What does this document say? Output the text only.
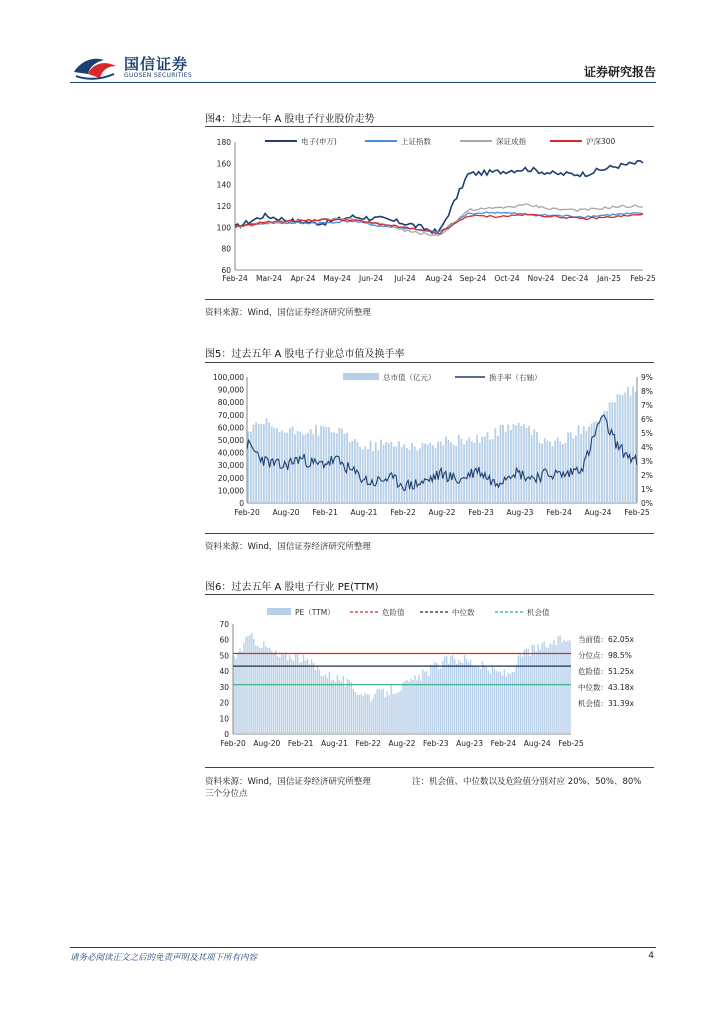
国信证券
GUOSEN SECURITIES	证券研究报告
图4：过去一年 A 股电子行业股价走势
60
80
100
120
140
160
180
Feb-24 Mar-24 Apr-24 May-24 Jun-24 Jul-24 Aug-24 Sep-24 Oct-24 Nov-24 Dec-24 Jan-25 Feb-25
电子(申万)	上证指数	深证成指	沪深300
资料来源：Wind，国信证券经济研究所整理
图5：过去五年 A 股电子行业总市值及换手率
0
10,000
20,000
30,000
40,000
50,000
60,000
70,000
80,000
90,000
100,000
0%
1%
2%
3%
4%
5%
6%
7%
8%
9%
Feb-20 Aug-20 Feb-21 Aug-21 Feb-22 Aug-22 Feb-23 Aug-23 Feb-24 Aug-24 Feb-25
总市值（亿元）	换手率（右轴）
资料来源：Wind，国信证券经济研究所整理
图6：过去五年 A 股电子行业 PE(TTM)
0
10
20
30
40
50
60
70
Feb-20 Aug-20 Feb-21 Aug-21 Feb-22 Aug-22 Feb-23 Aug-23 Feb-24 Aug-24 Feb-25
PE（TTM）	危险值	中位数	机会值
当前值：62.05x
分位点：98.5%
危险值：51.25x
中位数：43.18x
机会值：31.39x
资料来源：Wind，国信证券经济研究所整理	注：机会值、中位数以及危险值分别对应 20%、50%、80%
三个分位点
请务必阅读正文之后的免责声明及其项下所有内容	4
